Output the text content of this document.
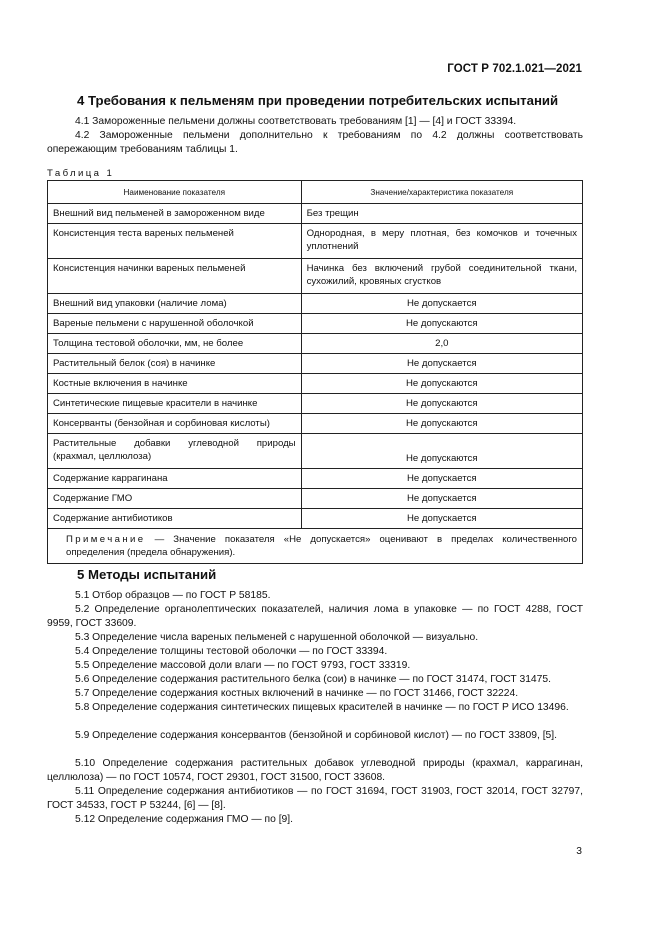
ГОСТ Р 702.1.021—2021
4 Требования к пельменям при проведении потребительских испытаний
4.1 Замороженные пельмени должны соответствовать требованиям [1] — [4] и ГОСТ 33394.
4.2 Замороженные пельмени дополнительно к требованиям по 4.2 должны соответствовать опережающим требованиям таблицы 1.
Таблица 1
Наименование показателя	Значение/характеристика показателя
Внешний вид пельменей в замороженном виде	Без трещин
Консистенция теста вареных пельменей	Однородная, в меру плотная, без комочков и точечных уплотнений
Консистенция начинки вареных пельменей	Начинка без включений грубой соединительной ткани, сухожилий, кровяных сгустков
Внешний вид упаковки (наличие лома)	Не допускается
Вареные пельмени с нарушенной оболочкой	Не допускаются
Толщина тестовой оболочки, мм, не более	2,0
Растительный белок (соя) в начинке	Не допускается
Костные включения в начинке	Не допускаются
Синтетические пищевые красители в начинке	Не допускаются
Консерванты (бензойная и сорбиновая кислоты)	Не допускаются
Растительные добавки углеводной природы (крахмал, целлюлоза)	Не допускаются
Содержание каррагинана	Не допускается
Содержание ГМО	Не допускается
Содержание антибиотиков	Не допускается
Примечание — Значение показателя «Не допускается» оценивают в пределах количественного определения (предела обнаружения).	
5 Методы испытаний
5.1 Отбор образцов — по ГОСТ Р 58185.
5.2 Определение органолептических показателей, наличия лома в упаковке — по ГОСТ 4288, ГОСТ 9959, ГОСТ 33609.
5.3 Определение числа вареных пельменей с нарушенной оболочкой — визуально.
5.4 Определение толщины тестовой оболочки — по ГОСТ 33394.
5.5 Определение массовой доли влаги — по ГОСТ 9793, ГОСТ 33319.
5.6 Определение содержания растительного белка (сои) в начинке — по ГОСТ 31474, ГОСТ 31475.
5.7 Определение содержания костных включений в начинке — по ГОСТ 31466, ГОСТ 32224.
5.8 Определение содержания синтетических пищевых красителей в начинке — по ГОСТ Р ИСО 13496.
5.9 Определение содержания консервантов (бензойной и сорбиновой кислот) — по ГОСТ 33809, [5].
5.10 Определение содержания растительных добавок углеводной природы (крахмал, каррагинан, целлюлоза) — по ГОСТ 10574, ГОСТ 29301, ГОСТ 31500, ГОСТ 33608.
5.11 Определение содержания антибиотиков — по ГОСТ 31694, ГОСТ 31903, ГОСТ 32014, ГОСТ 32797, ГОСТ 34533, ГОСТ Р 53244, [6] — [8].
5.12 Определение содержания ГМО — по [9].
3
